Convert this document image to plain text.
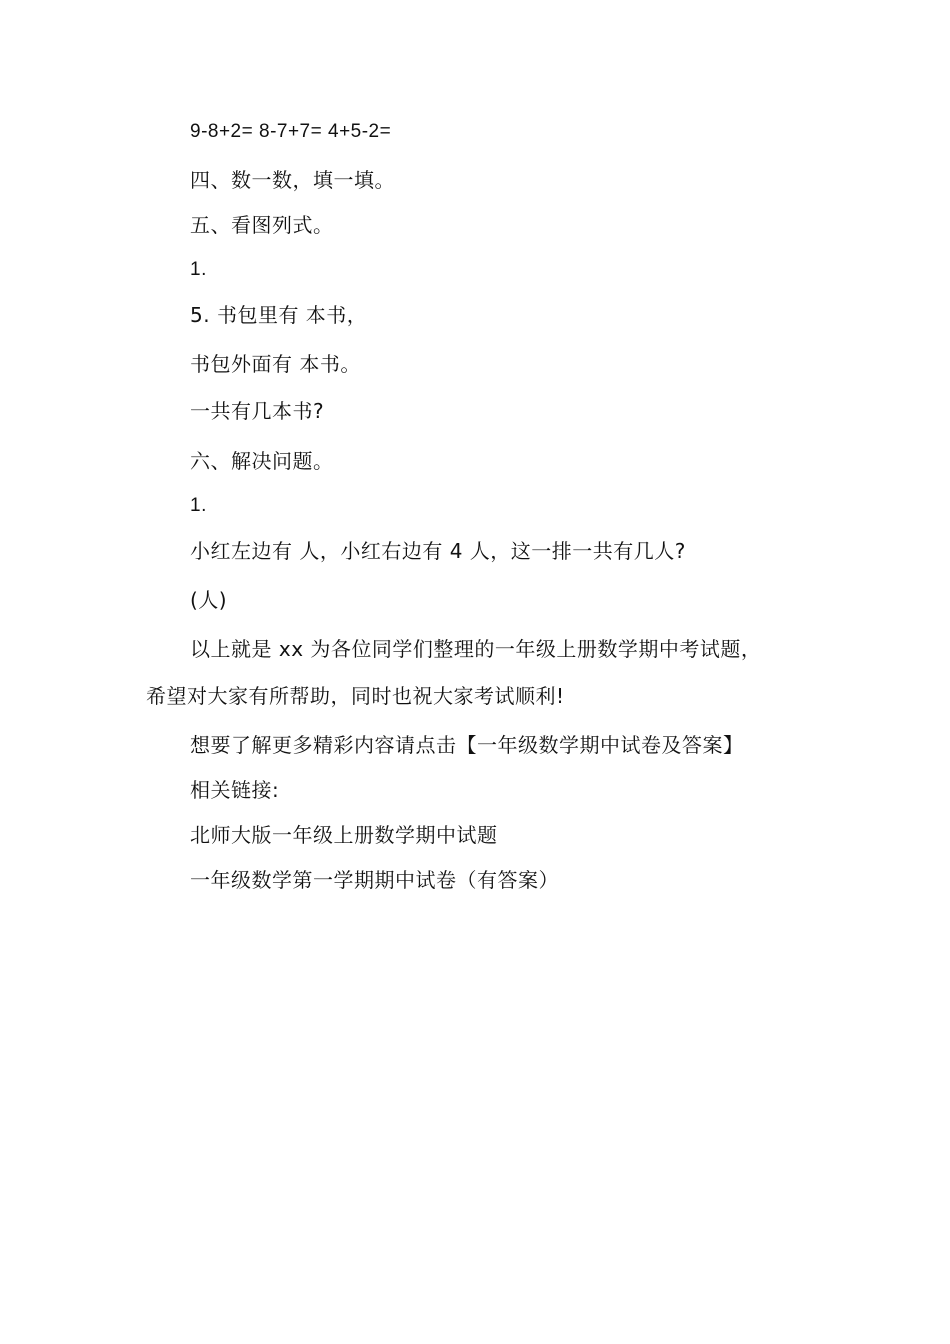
9-8+2= 8-7+7= 4+5-2=
四、数一数，填一填。
五、看图列式。
1.
5. 书包里有 本书，
书包外面有 本书。
一共有几本书?
六、解决问题。
1.
小红左边有 人，小红右边有 4 人，这一排一共有几人?
(人)
以上就是 xx 为各位同学们整理的一年级上册数学期中考试题，
希望对大家有所帮助，同时也祝大家考试顺利!
想要了解更多精彩内容请点击【一年级数学期中试卷及答案】
相关链接:
北师大版一年级上册数学期中试题
一年级数学第一学期期中试卷（有答案）
